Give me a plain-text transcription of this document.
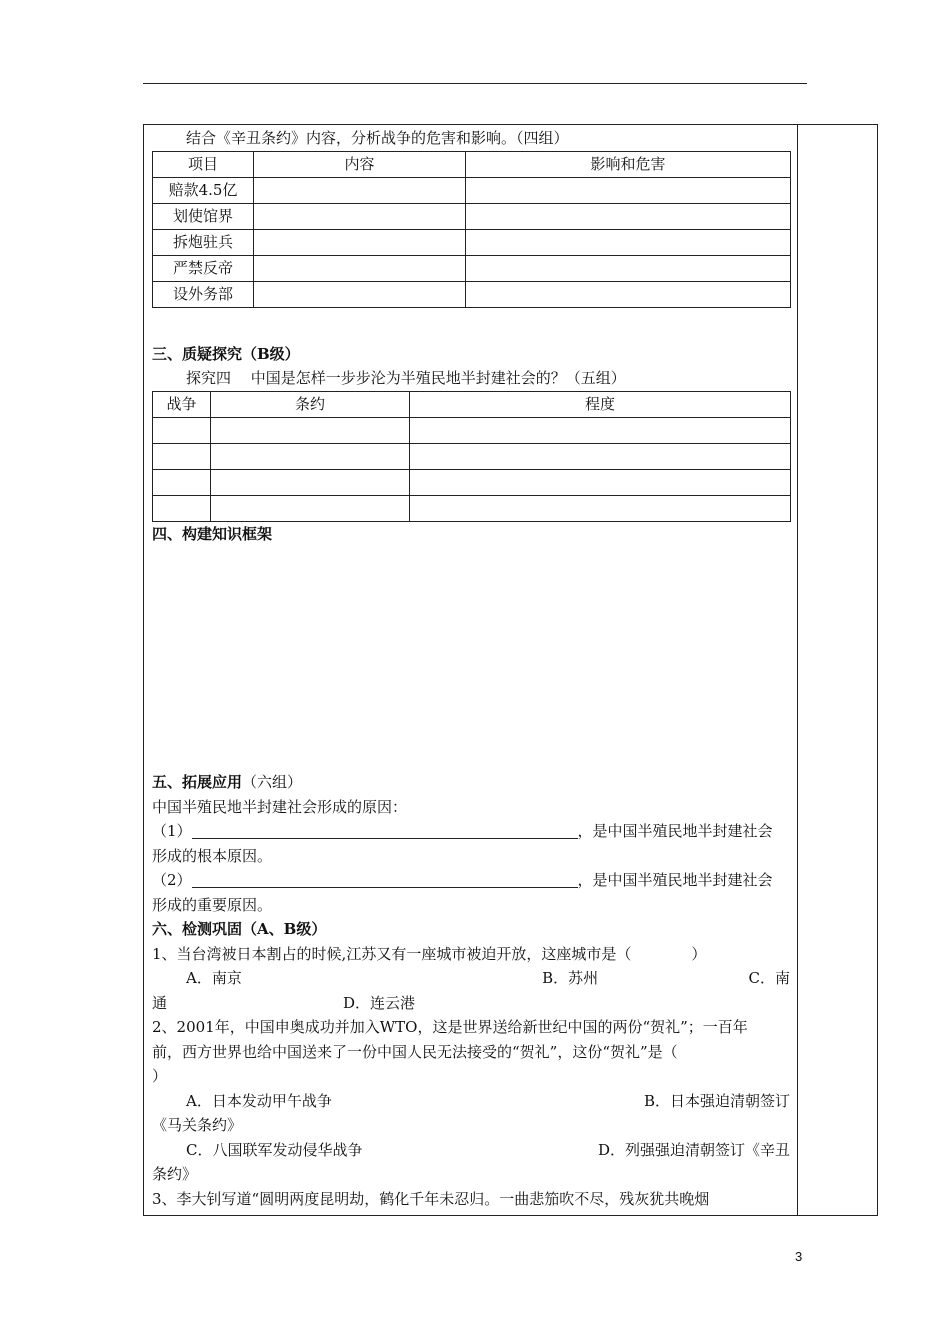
结合《辛丑条约》内容，分析战争的危害和影响。（四组）

项目	内容	影响和危害
赔款4.5亿		
划使馆界		
拆炮驻兵		
严禁反帝		
设外务部		

三、质疑探究（B级）

探究四　 中国是怎样一步步沦为半殖民地半封建社会的？（五组）

战争	条约	程度

四、构建知识框架

五、拓展应用（六组）

中国半殖民地半封建社会形成的原因：

（1）	，是中国半殖民地半封建社会

形成的根本原因。

（2）	，是中国半殖民地半封建社会

形成的重要原因。

六、检测巩固（A、B级）

1、当台湾被日本割占的时候,江苏又有一座城市被迫开放，这座城市是（　　　　）

A．南京	B．苏州	C．南

通	D．连云港

2、2001年，中国申奥成功并加入WTO，这是世界送给新世纪中国的两份“贺礼”；一百年

前，西方世界也给中国送来了一份中国人民无法接受的“贺礼”，这份“贺礼”是（

）

A．日本发动甲午战争	B．日本强迫清朝签订

《马关条约》

C．八国联军发动侵华战争	D．列强强迫清朝签订《辛丑

条约》

3、李大钊写道“圆明两度昆明劫，鹤化千年未忍归。一曲悲笳吹不尽，残灰犹共晚烟

3
